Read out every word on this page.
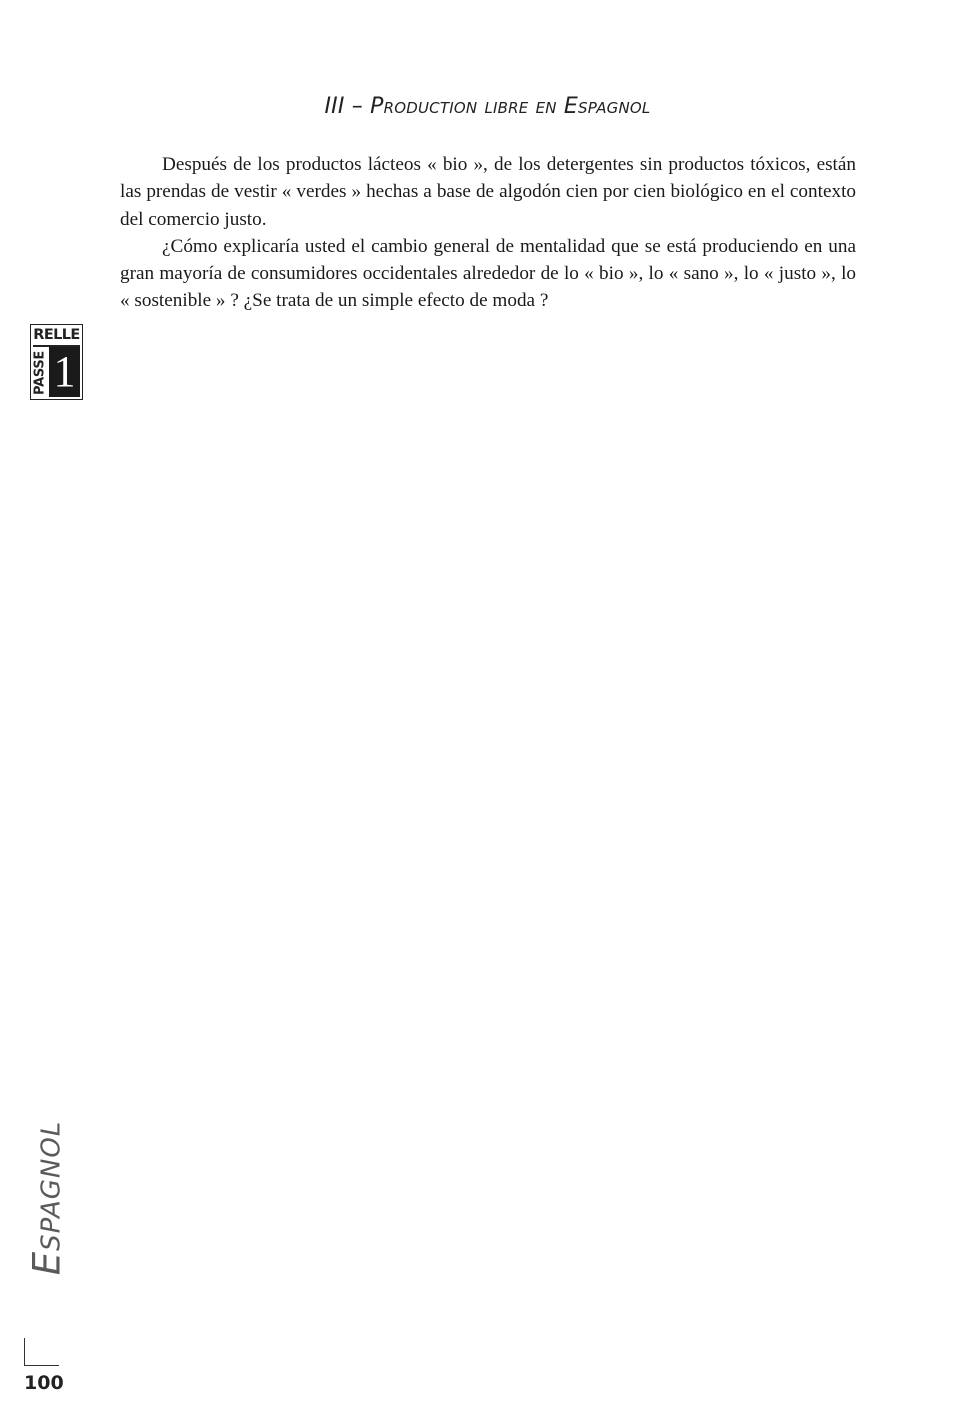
III – Production libre en Espagnol

Después de los productos lácteos « bio », de los detergentes sin productos tóxicos, están las prendas de vestir « verdes » hechas a base de algodón cien por cien biológico en el contexto del comercio justo.

¿Cómo explicaría usted el cambio general de mentalidad que se está produciendo en una gran mayoría de consumidores occidentales alrededor de lo « bio », lo « sano », lo « justo », lo « sostenible » ? ¿Se trata de un simple efecto de moda ?

RELLE
PASSE 1
Espagnol
100
